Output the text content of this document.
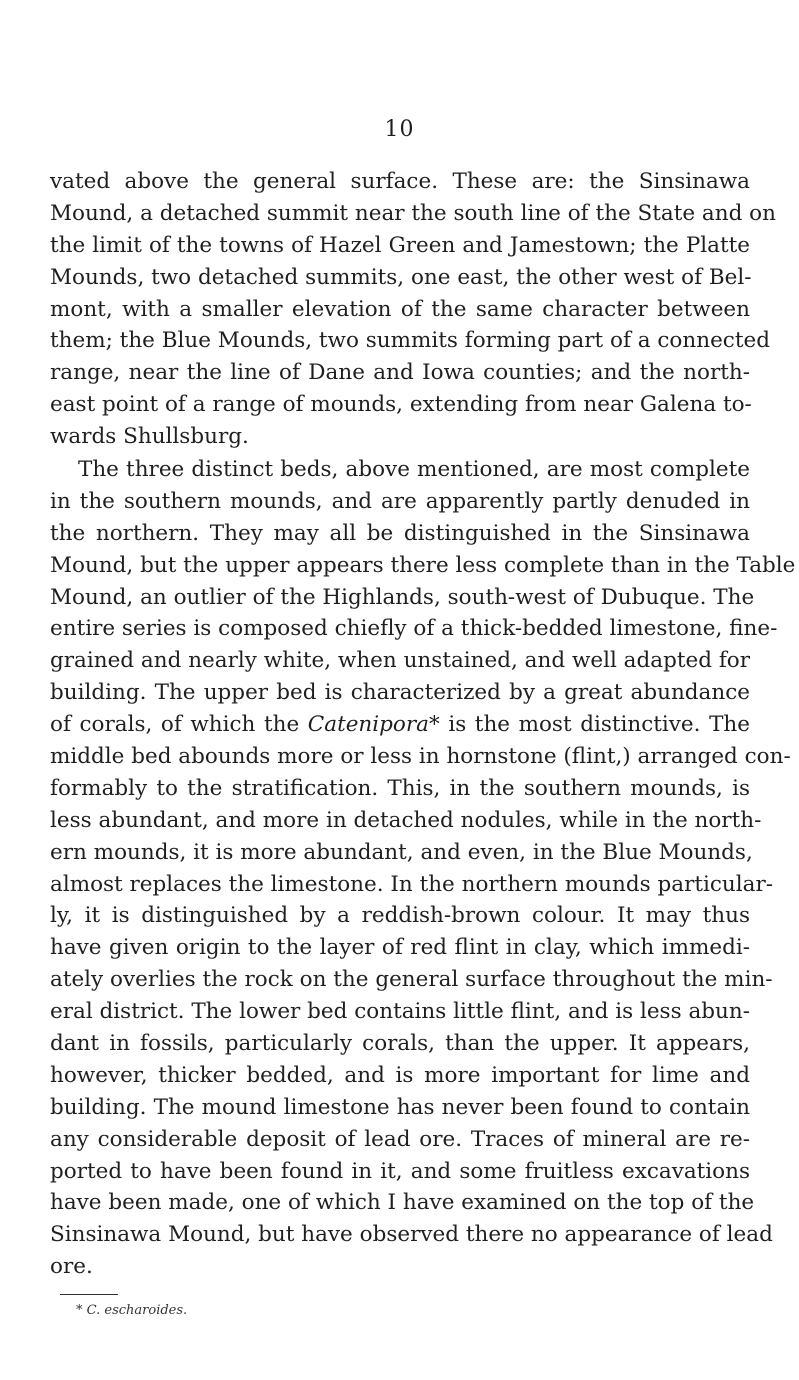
10
vated above the general surface. These are: the Sinsinawa
Mound, a detached summit near the south line of the State and on
the limit of the towns of Hazel Green and Jamestown; the Platte
Mounds, two detached summits, one east, the other west of Bel-
mont, with a smaller elevation of the same character between
them; the Blue Mounds, two summits forming part of a connected
range, near the line of Dane and Iowa counties; and the north-
east point of a range of mounds, extending from near Galena to-
wards Shullsburg.
The three distinct beds, above mentioned, are most complete
in the southern mounds, and are apparently partly denuded in
the northern. They may all be distinguished in the Sinsinawa
Mound, but the upper appears there less complete than in the Table
Mound, an outlier of the Highlands, south-west of Dubuque. The
entire series is composed chiefly of a thick-bedded limestone, fine-
grained and nearly white, when unstained, and well adapted for
building. The upper bed is characterized by a great abundance
of corals, of which the Catenipora* is the most distinctive. The
middle bed abounds more or less in hornstone (flint,) arranged con-
formably to the stratification. This, in the southern mounds, is
less abundant, and more in detached nodules, while in the north-
ern mounds, it is more abundant, and even, in the Blue Mounds,
almost replaces the limestone. In the northern mounds particular-
ly, it is distinguished by a reddish-brown colour. It may thus
have given origin to the layer of red flint in clay, which immedi-
ately overlies the rock on the general surface throughout the min-
eral district. The lower bed contains little flint, and is less abun-
dant in fossils, particularly corals, than the upper. It appears,
however, thicker bedded, and is more important for lime and
building. The mound limestone has never been found to contain
any considerable deposit of lead ore. Traces of mineral are re-
ported to have been found in it, and some fruitless excavations
have been made, one of which I have examined on the top of the
Sinsinawa Mound, but have observed there no appearance of lead
ore.
* C. escharoides.
